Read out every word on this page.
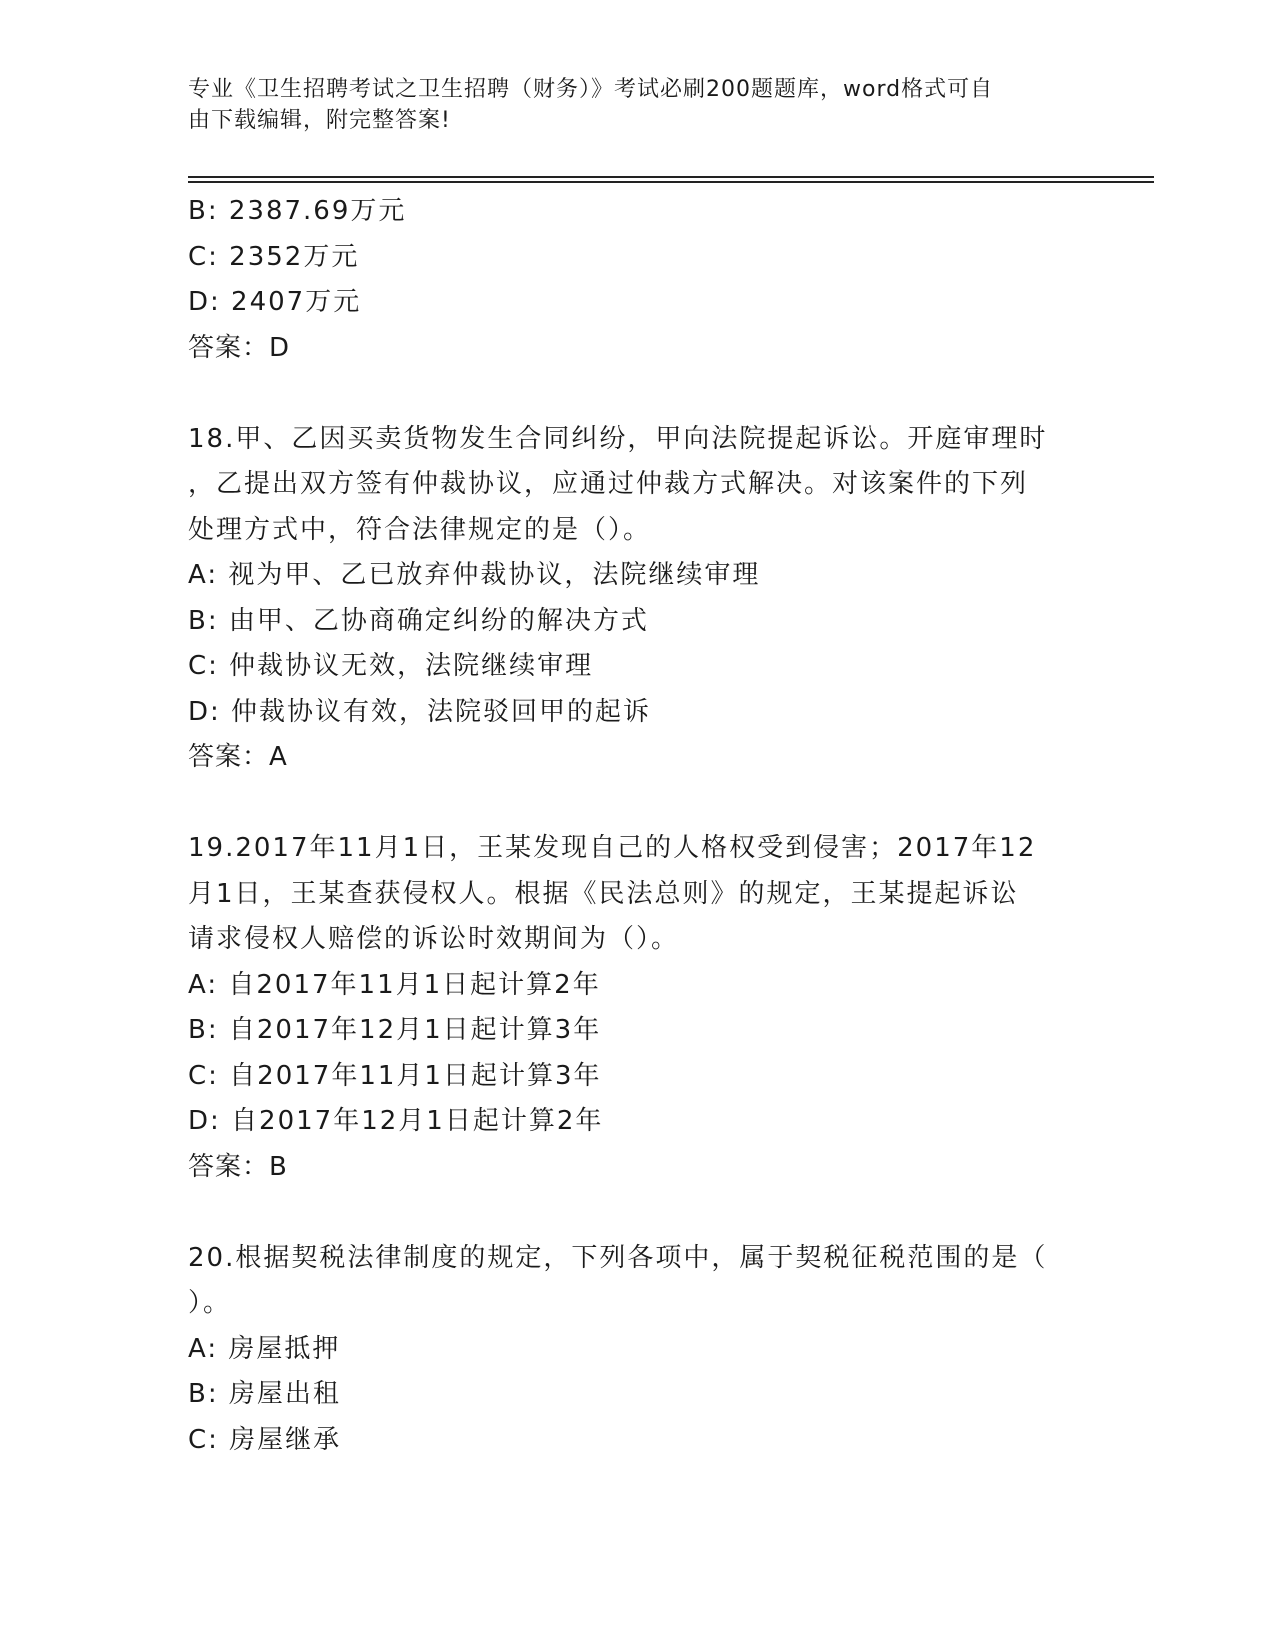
专业《卫生招聘考试之卫生招聘（财务）》考试必刷200题题库，word格式可自
由下载编辑，附完整答案!
B: 2387.69万元
C: 2352万元
D: 2407万元
答案：D
18.甲、乙因买卖货物发生合同纠纷，甲向法院提起诉讼。开庭审理时
，乙提出双方签有仲裁协议，应通过仲裁方式解决。对该案件的下列
处理方式中，符合法律规定的是（）。
A: 视为甲、乙已放弃仲裁协议，法院继续审理
B: 由甲、乙协商确定纠纷的解决方式
C: 仲裁协议无效，法院继续审理
D: 仲裁协议有效，法院驳回甲的起诉
答案：A
19.2017年11月1日，王某发现自己的人格权受到侵害；2017年12
月1日，王某查获侵权人。根据《民法总则》的规定，王某提起诉讼
请求侵权人赔偿的诉讼时效期间为（）。
A: 自2017年11月1日起计算2年
B: 自2017年12月1日起计算3年
C: 自2017年11月1日起计算3年
D: 自2017年12月1日起计算2年
答案：B
20.根据契税法律制度的规定，下列各项中，属于契税征税范围的是（
）。
A: 房屋抵押
B: 房屋出租
C: 房屋继承
